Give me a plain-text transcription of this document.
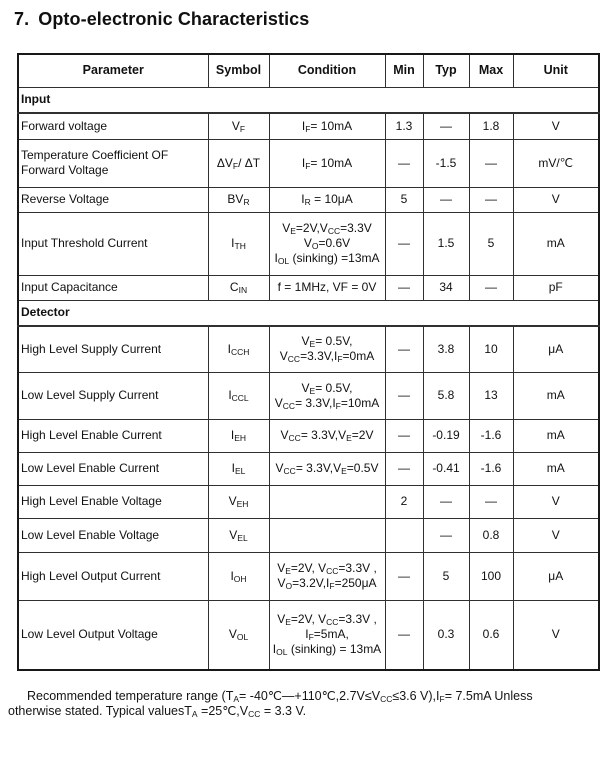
7. Opto-electronic Characteristics
Parameter	Symbol	Condition	Min	Typ	Max	Unit
Input						
Forward voltage	$V_F$	$I_F= 10mA$	1.3	—	1.8	V
Temperature Coefficient OF Forward Voltage	$\Delta V_F/$ ΔT	$I_F= 10mA$	—	-1.5	—	mV/℃
Reverse Voltage	$BV_R$	$I_R = 10\mu A$	5	—	—	V
Input Threshold Current	$I_{TH}$	$V_E=2V,V_{CC}=3.3V$
$V_O=0.6V$
$I_{OL}$ (sinking) =13mA	—	1.5	5	mA
Input Capacitance	$C_{IN}$	f = 1MHz, VF = 0V	—	34	—	pF
Detector						
High Level Supply Current	$I_{CCH}$	$V_E= 0.5V$,
$V_{CC}=3.3V,I_F=0mA$	—	3.8	10	μA
Low Level Supply Current	$I_{CCL}$	$V_E= 0.5V$,
$V_{CC}= 3.3V,I_F=10mA$	—	5.8	13	mA
High Level Enable Current	$I_{EH}$	$V_{CC}= 3.3V,V_E=2V$	—	-0.19	-1.6	mA
Low Level Enable Current	$I_{EL}$	$V_{CC}= 3.3V,V_E=0.5V$	—	-0.41	-1.6	mA
High Level Enable Voltage	$V_{EH}$		2	—	—	V
Low Level Enable Voltage	$V_{EL}$			—	0.8	V
High Level Output Current	$I_{OH}$	$V_E=2V$, $V_{CC}=3.3V$ ,
$V_O=3.2V,I_F=250\mu A$	—	5	100	μA
Low Level Output Voltage	$V_{OL}$	$V_E=2V$, $V_{CC}=3.3V$ ,
$I_F=5mA$,
$I_{OL}$ (sinking) = 13mA	—	0.3	0.6	V

Recommended temperature range ($T_A=$ $-40℃—+110℃,2.7V\le V_{CC}\le 3.6$ $V),I_F= 7.5mA$ Unless

otherwise stated. Typical valuesT$_A$ $=25℃,V_{CC} = 3.3$ V.
